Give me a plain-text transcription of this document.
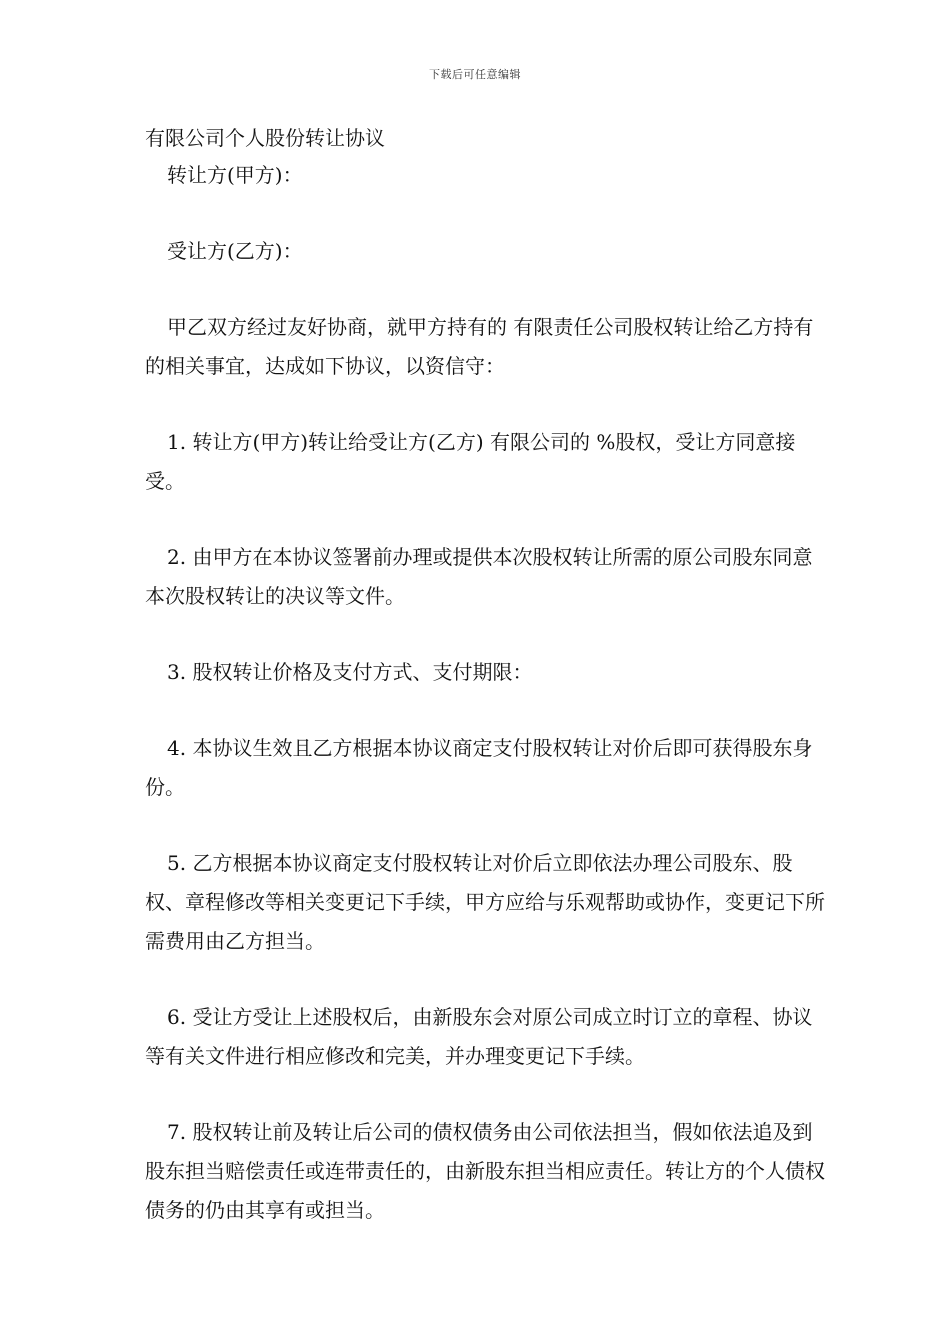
下载后可任意编辑
有限公司个人股份转让协议

转让方(甲方)：

受让方(乙方)：

甲乙双方经过友好协商，就甲方持有的 有限责任公司股权转让给乙方持有的相关事宜，达成如下协议，以资信守：

1. 转让方(甲方)转让给受让方(乙方) 有限公司的 %股权，受让方同意接受。

2. 由甲方在本协议签署前办理或提供本次股权转让所需的原公司股东同意本次股权转让的决议等文件。

3. 股权转让价格及支付方式、支付期限：

4. 本协议生效且乙方根据本协议商定支付股权转让对价后即可获得股东身份。

5. 乙方根据本协议商定支付股权转让对价后立即依法办理公司股东、股权、章程修改等相关变更记下手续，甲方应给与乐观帮助或协作，变更记下所需费用由乙方担当。

6. 受让方受让上述股权后，由新股东会对原公司成立时订立的章程、协议等有关文件进行相应修改和完美，并办理变更记下手续。

7. 股权转让前及转让后公司的债权债务由公司依法担当，假如依法追及到股东担当赔偿责任或连带责任的，由新股东担当相应责任。转让方的个人债权债务的仍由其享有或担当。
